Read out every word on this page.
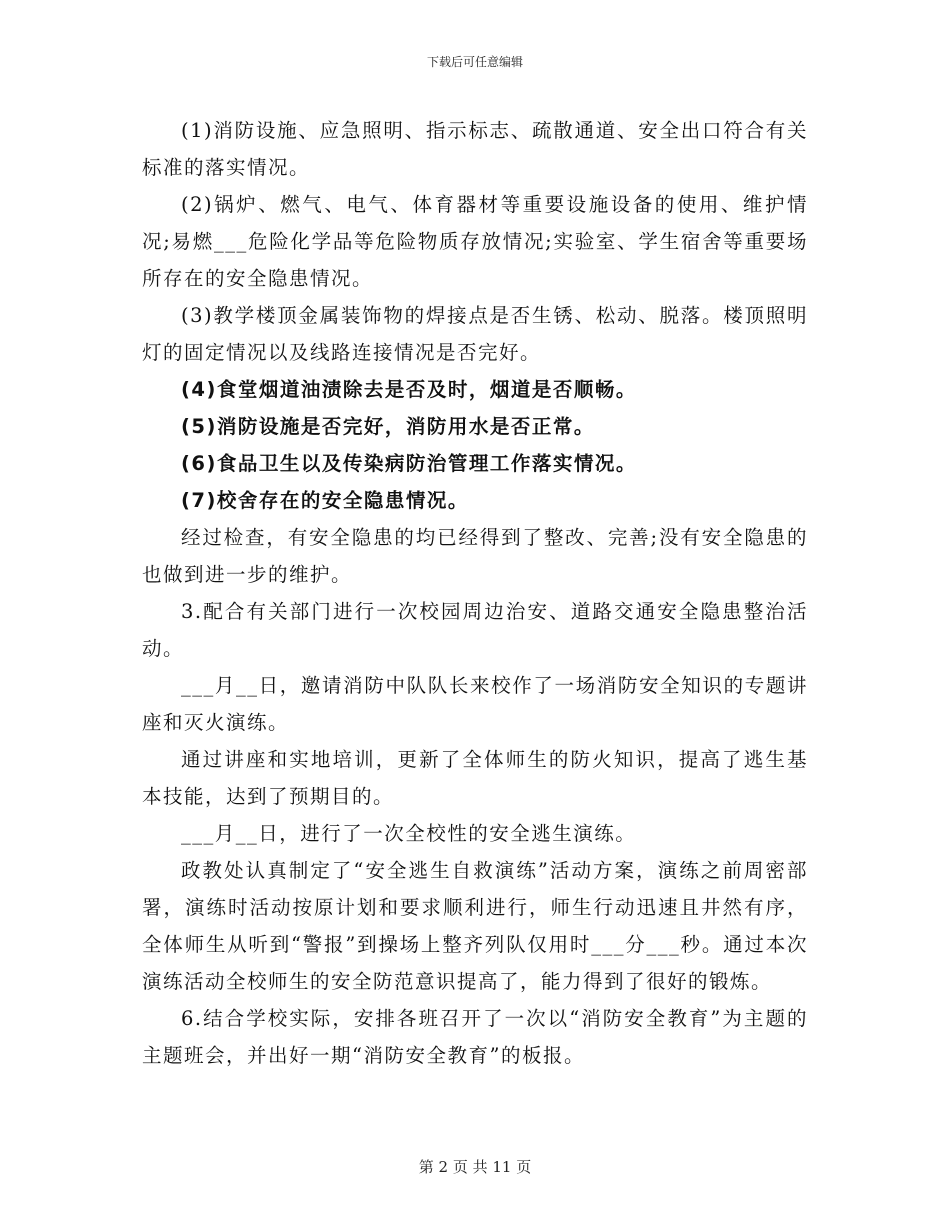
下载后可任意编辑

(1)消防设施、应急照明、指示标志、疏散通道、安全出口符合有关标准的落实情况。

(2)锅炉、燃气、电气、体育器材等重要设施设备的使用、维护情况;易燃___危险化学品等危险物质存放情况;实验室、学生宿舍等重要场所存在的安全隐患情况。

(3)教学楼顶金属装饰物的焊接点是否生锈、松动、脱落。楼顶照明灯的固定情况以及线路连接情况是否完好。

(4)食堂烟道油渍除去是否及时，烟道是否顺畅。

(5)消防设施是否完好，消防用水是否正常。

(6)食品卫生以及传染病防治管理工作落实情况。

(7)校舍存在的安全隐患情况。

经过检查，有安全隐患的均已经得到了整改、完善;没有安全隐患的也做到进一步的维护。

3.配合有关部门进行一次校园周边治安、道路交通安全隐患整治活动。

___月__日，邀请消防中队队长来校作了一场消防安全知识的专题讲座和灭火演练。

通过讲座和实地培训，更新了全体师生的防火知识，提高了逃生基本技能，达到了预期目的。

___月__日，进行了一次全校性的安全逃生演练。

政教处认真制定了“安全逃生自救演练”活动方案，演练之前周密部署，演练时活动按原计划和要求顺利进行，师生行动迅速且井然有序，全体师生从听到“警报”到操场上整齐列队仅用时___分___秒。通过本次演练活动全校师生的安全防范意识提高了，能力得到了很好的锻炼。

6.结合学校实际，安排各班召开了一次以“消防安全教育”为主题的主题班会，并出好一期“消防安全教育”的板报。

第 2 页 共 11 页
